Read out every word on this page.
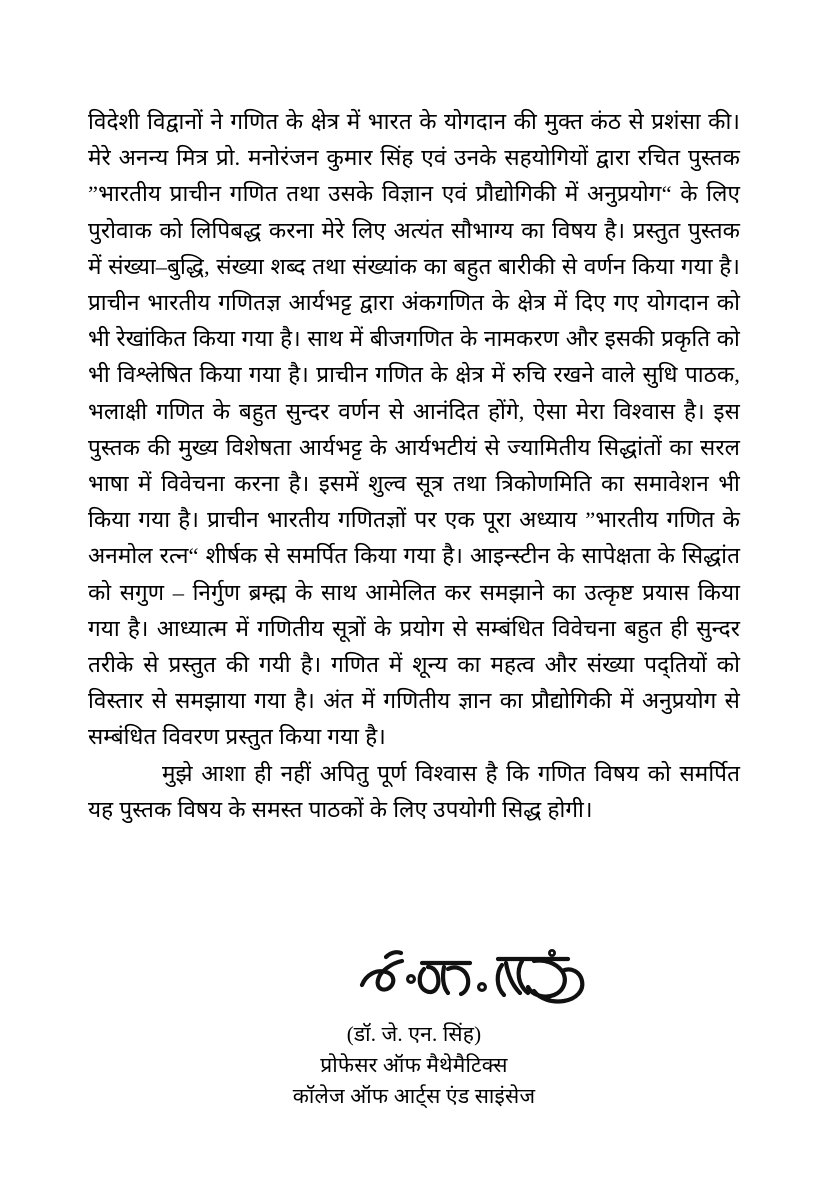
विदेशी विद्वानों ने गणित के क्षेत्र में भारत के योगदान की मुक्त कंठ से प्रशंसा की। मेरे अनन्य मित्र प्रो. मनोरंजन कुमार सिंह एवं उनके सहयोगियों द्वारा रचित पुस्तक ”भारतीय प्राचीन गणित तथा उसके विज्ञान एवं प्रौद्योगिकी में अनुप्रयोग“ के लिए पुरोवाक को लिपिबद्ध करना मेरे लिए अत्यंत सौभाग्य का विषय है। प्रस्तुत पुस्तक में संख्या–बुद्धि, संख्या शब्द तथा संख्यांक का बहुत बारीकी से वर्णन किया गया है। प्राचीन भारतीय गणितज्ञ आर्यभट्ट द्वारा अंकगणित के क्षेत्र में दिए गए योगदान को भी रेखांकित किया गया है। साथ में बीजगणित के नामकरण और इसकी प्रकृति को भी विश्लेषित किया गया है। प्राचीन गणित के क्षेत्र में रुचि रखने वाले सुधि पाठक, भलाक्षी गणित के बहुत सुन्दर वर्णन से आनंदित होंगे, ऐसा मेरा विश्वास है। इस पुस्तक की मुख्य विशेषता आर्यभट्ट के आर्यभटीयं से ज्यामितीय सिद्धांतों का सरल भाषा में विवेचना करना है। इसमें शुल्व सूत्र तथा त्रिकोणमिति का समावेशन भी किया गया है। प्राचीन भारतीय गणितज्ञों पर एक पूरा अध्याय ”भारतीय गणित के अनमोल रत्न“ शीर्षक से समर्पित किया गया है। आइन्स्टीन के सापेक्षता के सिद्धांत को सगुण – निर्गुण ब्रम्ह्म के साथ आमेलित कर समझाने का उत्कृष्ट प्रयास किया गया है। आध्यात्म में गणितीय सूत्रों के प्रयोग से सम्बंधित विवेचना बहुत ही सुन्दर तरीके से प्रस्तुत की गयी है। गणित में शून्य का महत्व और संख्या पद्तियों को विस्तार से समझाया गया है। अंत में गणितीय ज्ञान का प्रौद्योगिकी में अनुप्रयोग से सम्बंधित विवरण प्रस्तुत किया गया है।

मुझे आशा ही नहीं अपितु पूर्ण विश्वास है कि गणित विषय को समर्पित यह पुस्तक विषय के समस्त पाठकों के लिए उपयोगी सिद्ध होगी।

(डॉ. जे. एन. सिंह)

प्रोफेसर ऑफ मैथेमैटिक्स

कॉलेज ऑफ आर्ट्स एंड साइंसेज
